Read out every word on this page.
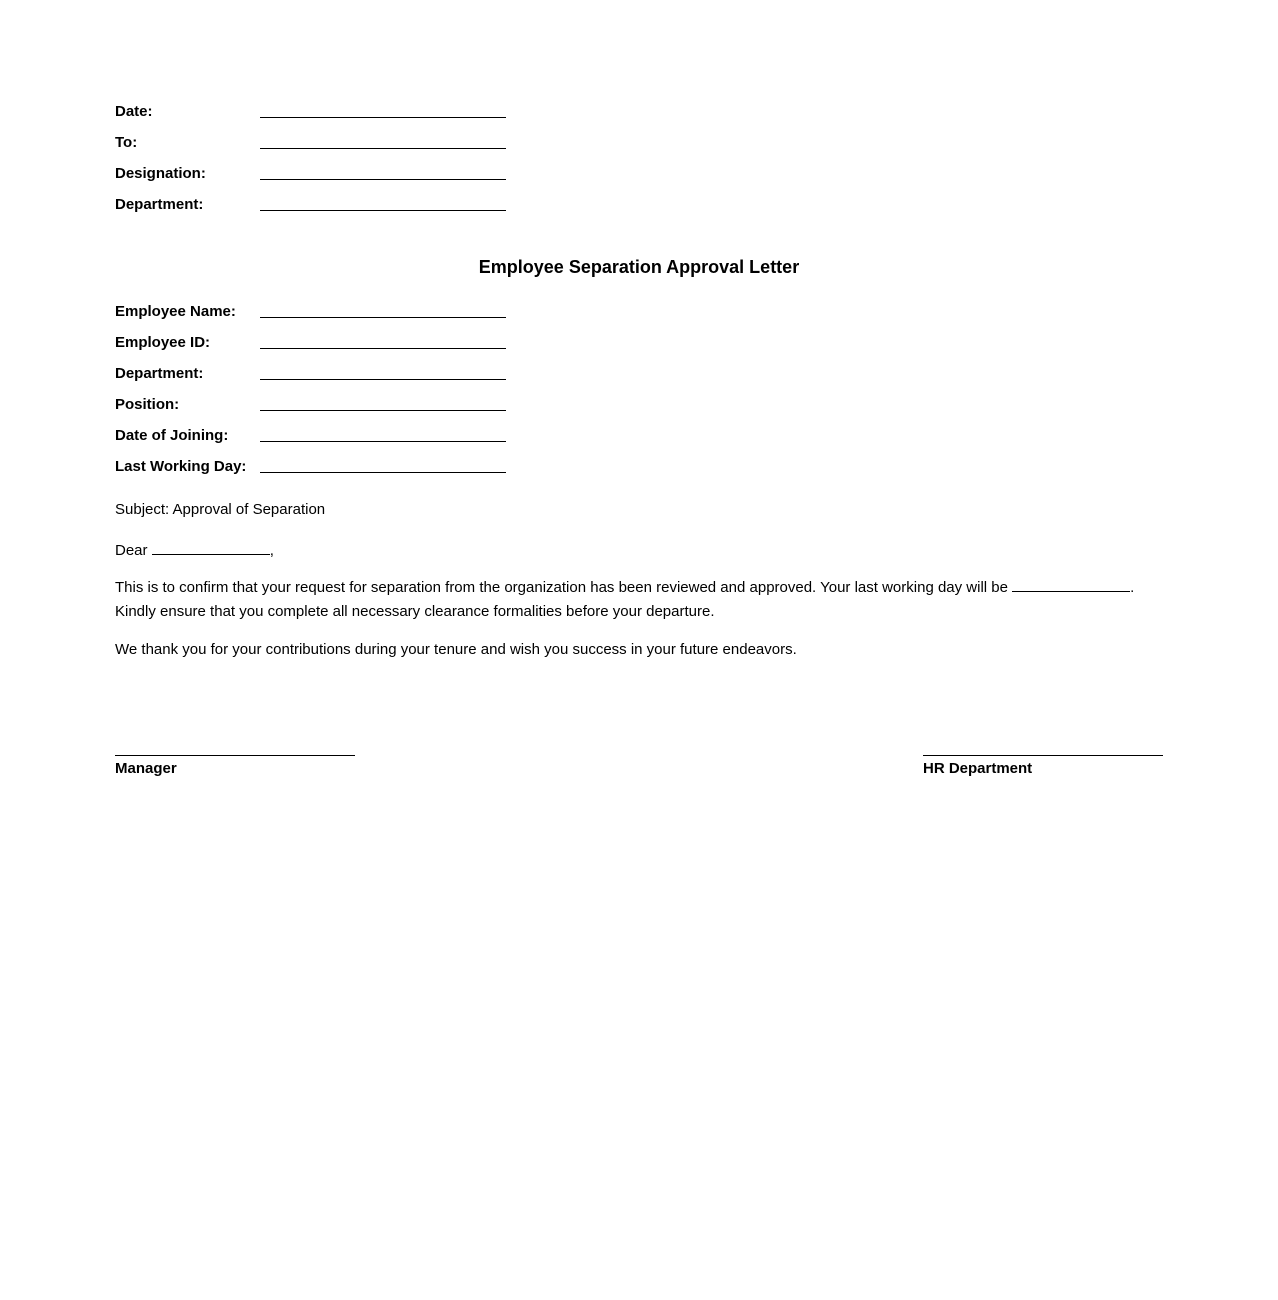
Date:
To:
Designation:
Department:
Employee Separation Approval Letter
Employee Name:
Employee ID:
Department:
Position:
Date of Joining:
Last Working Day:
Subject: Approval of Separation
Dear	,
This is to confirm that your request for separation from the organization has been reviewed and approved. Your last working day will be	. Kindly ensure that you complete all necessary clearance formalities before your departure.
We thank you for your contributions during your tenure and wish you success in your future endeavors.
Manager	HR Department
